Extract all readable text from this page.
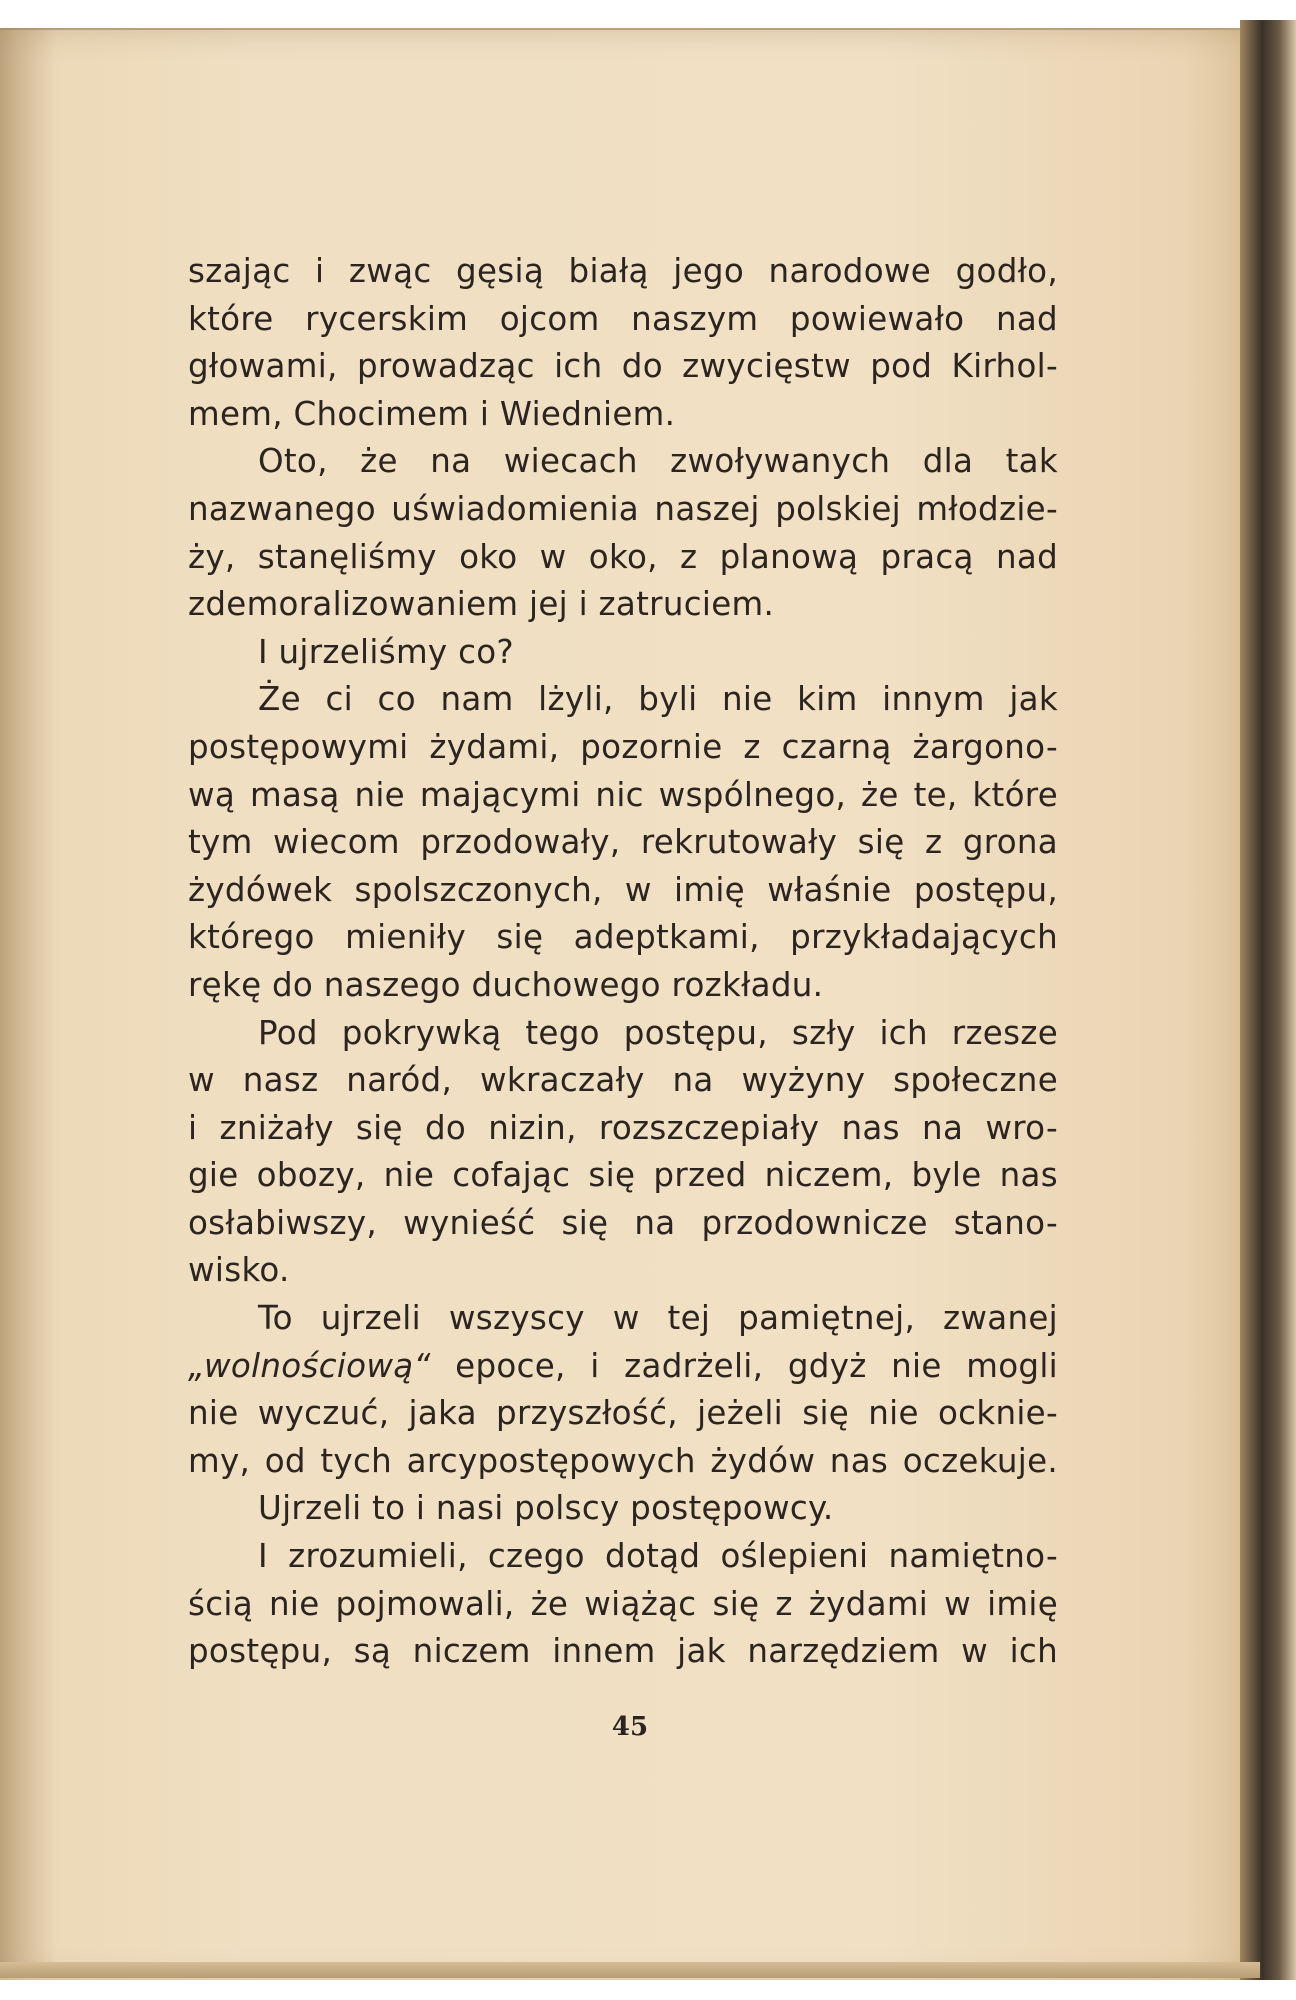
szając i zwąc gęsią białą jego narodowe godło,
które rycerskim ojcom naszym powiewało nad
głowami, prowadząc ich do zwycięstw pod Kirhol-
mem, Chocimem i Wiedniem.
Oto, że na wiecach zwoływanych dla tak
nazwanego uświadomienia naszej polskiej młodzie-
ży, stanęliśmy oko w oko, z planową pracą nad
zdemoralizowaniem jej i zatruciem.
I ujrzeliśmy co?
Że ci co nam lżyli, byli nie kim innym jak
postępowymi żydami, pozornie z czarną żargono-
wą masą nie mającymi nic wspólnego, że te, które
tym wiecom przodowały, rekrutowały się z grona
żydówek spolszczonych, w imię właśnie postępu,
którego mieniły się adeptkami, przykładających
rękę do naszego duchowego rozkładu.
Pod pokrywką tego postępu, szły ich rzesze
w nasz naród, wkraczały na wyżyny społeczne
i zniżały się do nizin, rozszczepiały nas na wro-
gie obozy, nie cofając się przed niczem, byle nas
osłabiwszy, wynieść się na przodownicze stano-
wisko.
To ujrzeli wszyscy w tej pamiętnej, zwanej
„wolnościową“ epoce, i zadrżeli, gdyż nie mogli
nie wyczuć, jaka przyszłość, jeżeli się nie ocknie-
my, od tych arcypostępowych żydów nas oczekuje.
Ujrzeli to i nasi polscy postępowcy.
I zrozumieli, czego dotąd oślepieni namiętno-
ścią nie pojmowali, że wiążąc się z żydami w imię
postępu, są niczem innem jak narzędziem w ich
45
